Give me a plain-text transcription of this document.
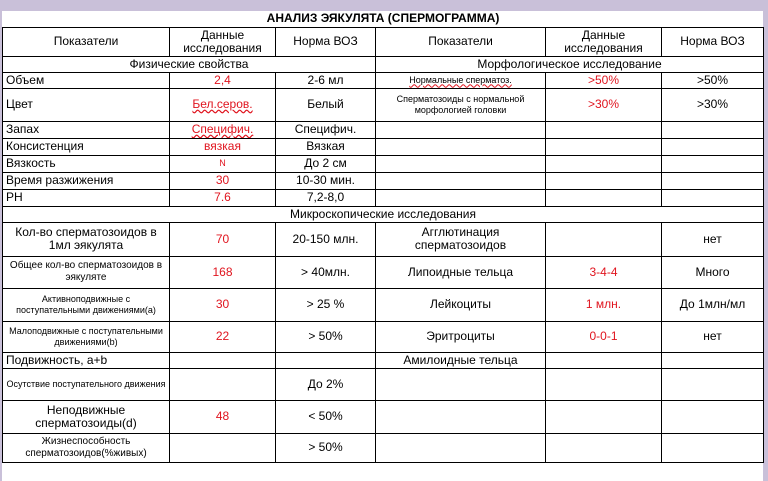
АНАЛИЗ ЭЯКУЛЯТА (СПЕРМОГРАММА)					
Показатели	Данные исследования	Норма ВОЗ	Показатели	Данные исследования	Норма ВОЗ
Физические свойства			Морфологическое исследование		
Объем	2,4	2-6 мл	Нормальные сперматоз.	>50%	>50%
Цвет	Бел.серов.	Белый	Сперматозоиды с нормальной морфологией головки	>30%	>30%
Запах	Специфич.	Специфич.			
Консистенция	вязкая	Вязкая			
Вязкость	N	До 2 см			
Время разжижения	30	10-30 мин.			
PH	7.6	7,2-8,0			
Микроскопические исследования					
Кол-во сперматозоидов в 1мл эякулята	70	20-150 млн.	Агглютинация сперматозоидов		нет
Общее кол-во сперматозоидов в эякуляте	168	> 40млн.	Липоидные тельца	3-4-4	Много
Активноподвижные с поступательными движениями(a)	30	> 25 %	Лейкоциты	1 млн.	До 1млн/мл
Малоподвижные с поступательными движениями(b)	22	> 50%	Эритроциты	0-0-1	нет
Подвижность, a+b			Амилоидные тельца		
Осутствие поступательного движения		До 2%			
Неподвижные сперматозоиды(d)	48	< 50%			
Жизнеспособность сперматозоидов(%живых)		> 50%			
